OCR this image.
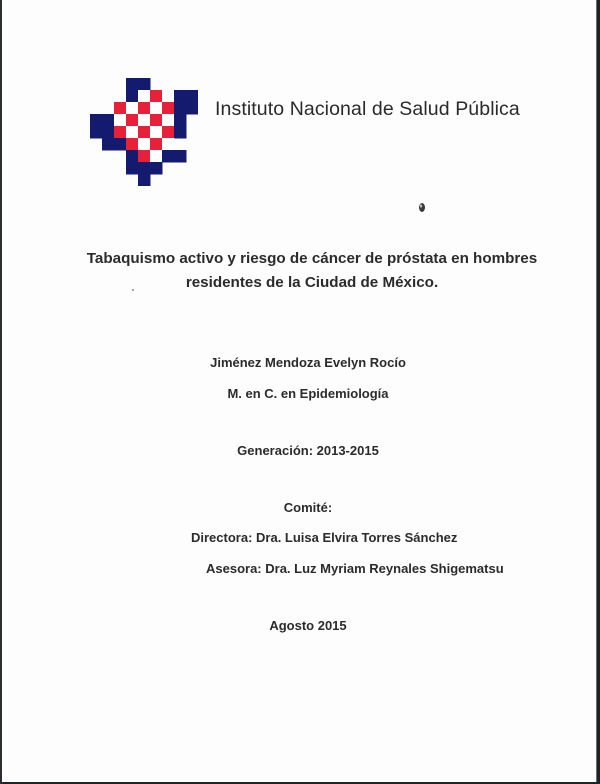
Instituto Nacional de Salud Pública
Tabaquismo activo y riesgo de cáncer de próstata en hombres
residentes de la Ciudad de México.
Jiménez Mendoza Evelyn Rocío
M. en C. en Epidemiología
Generación: 2013-2015
Comité:
Directora: Dra. Luisa Elvira Torres Sánchez
Asesora: Dra. Luz Myriam Reynales Shigematsu
Agosto 2015
